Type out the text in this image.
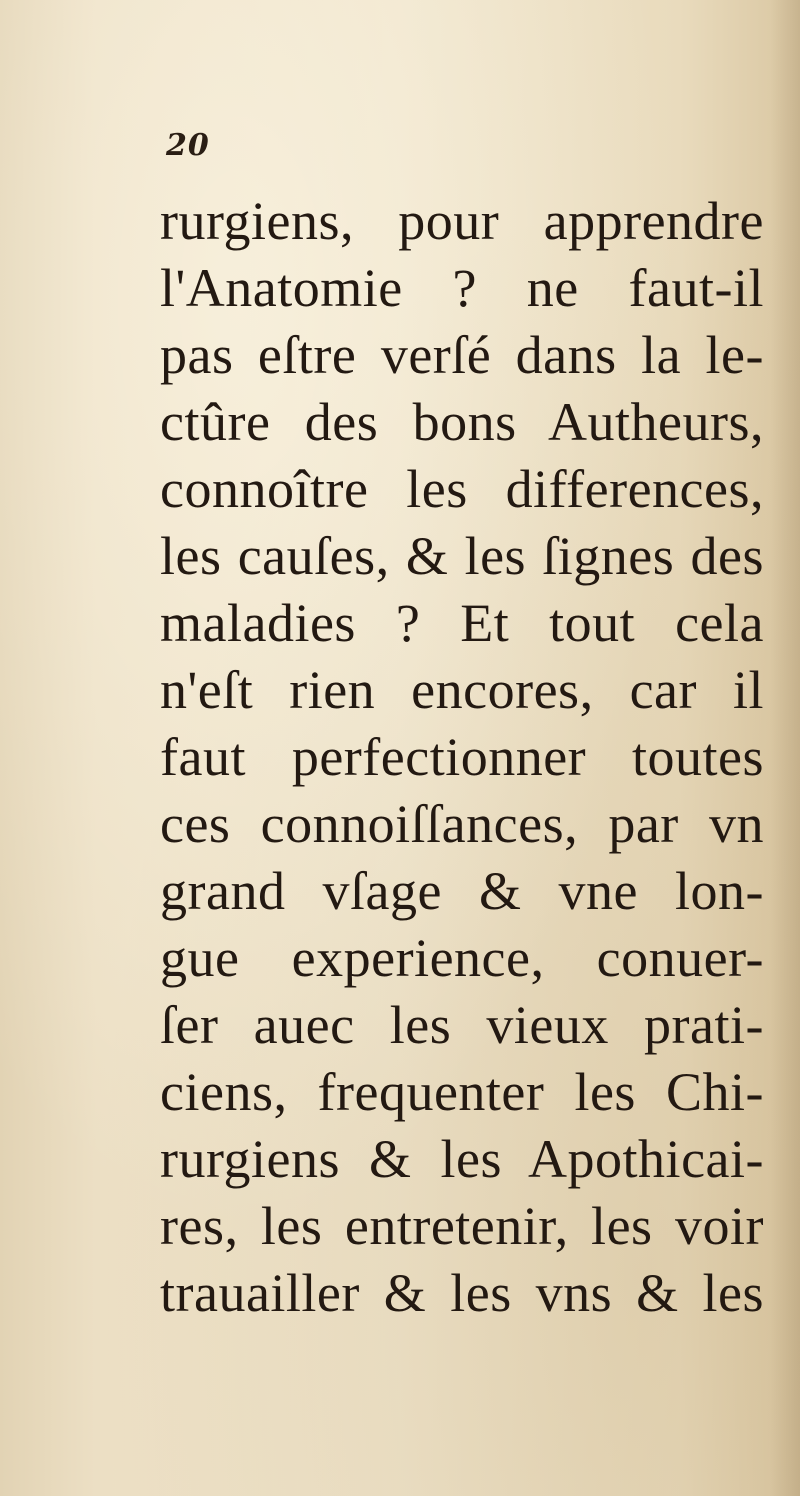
20
rurgiens, pour apprendre
l'Anatomie ? ne faut-il
pas eſtre verſé dans la le-
ctûre des bons Autheurs,
connoître les differences,
les cauſes, & les ſignes des
maladies ? Et tout cela
n'eſt rien encores, car il
faut perfectionner toutes
ces connoiſſances, par vn
grand vſage & vne lon-
gue experience, conuer-
ſer auec les vieux prati-
ciens, frequenter les Chi-
rurgiens & les Apothicai-
res, les entretenir, les voir
trauailler & les vns & les
